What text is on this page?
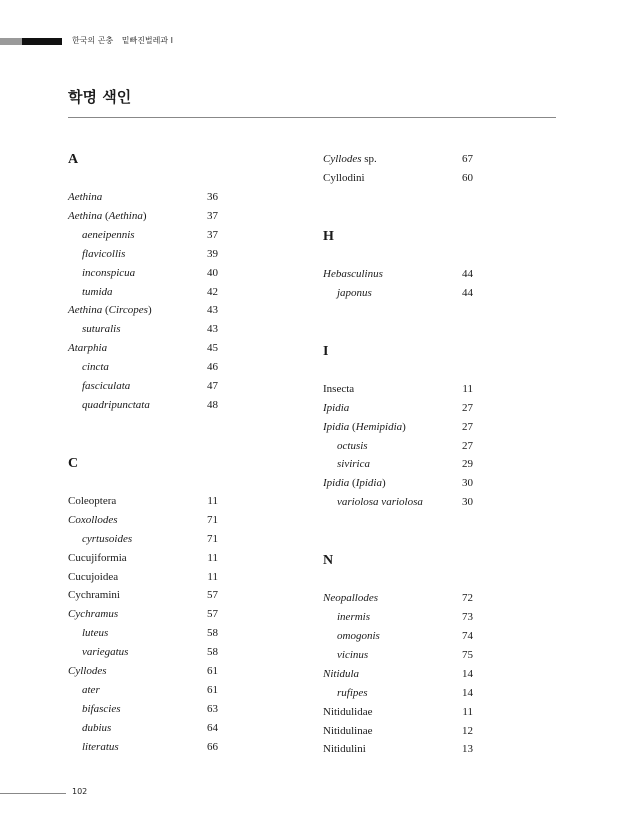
한국의 곤충 밑빠진벌레과 I
학명 색인
A
Aethina	36
Aethina (Aethina)	37
aeneipennis	37
flavicollis	39
inconspicua	40
tumida	42
Aethina (Circopes)	43
suturalis	43
Atarphia	45
cincta	46
fasciculata	47
quadripunctata	48
C
Coleoptera	11
Coxollodes	71
cyrtusoides	71
Cucujiformia	11
Cucujoidea	11
Cychramini	57
Cychramus	57
luteus	58
variegatus	58
Cyllodes	61
ater	61
bifascies	63
dubius	64
literatus	66
Cyllodes sp.	67
Cyllodini	60
H
Hebasculinus	44
japonus	44
I
Insecta	11
Ipidia	27
Ipidia (Hemipidia)	27
octusis	27
sivirica	29
Ipidia (Ipidia)	30
variolosa variolosa	30
N
Neopallodes	72
inermis	73
omogonis	74
vicinus	75
Nitidula	14
rufipes	14
Nitidulidae	11
Nitidulinae	12
Nitidulini	13
102
